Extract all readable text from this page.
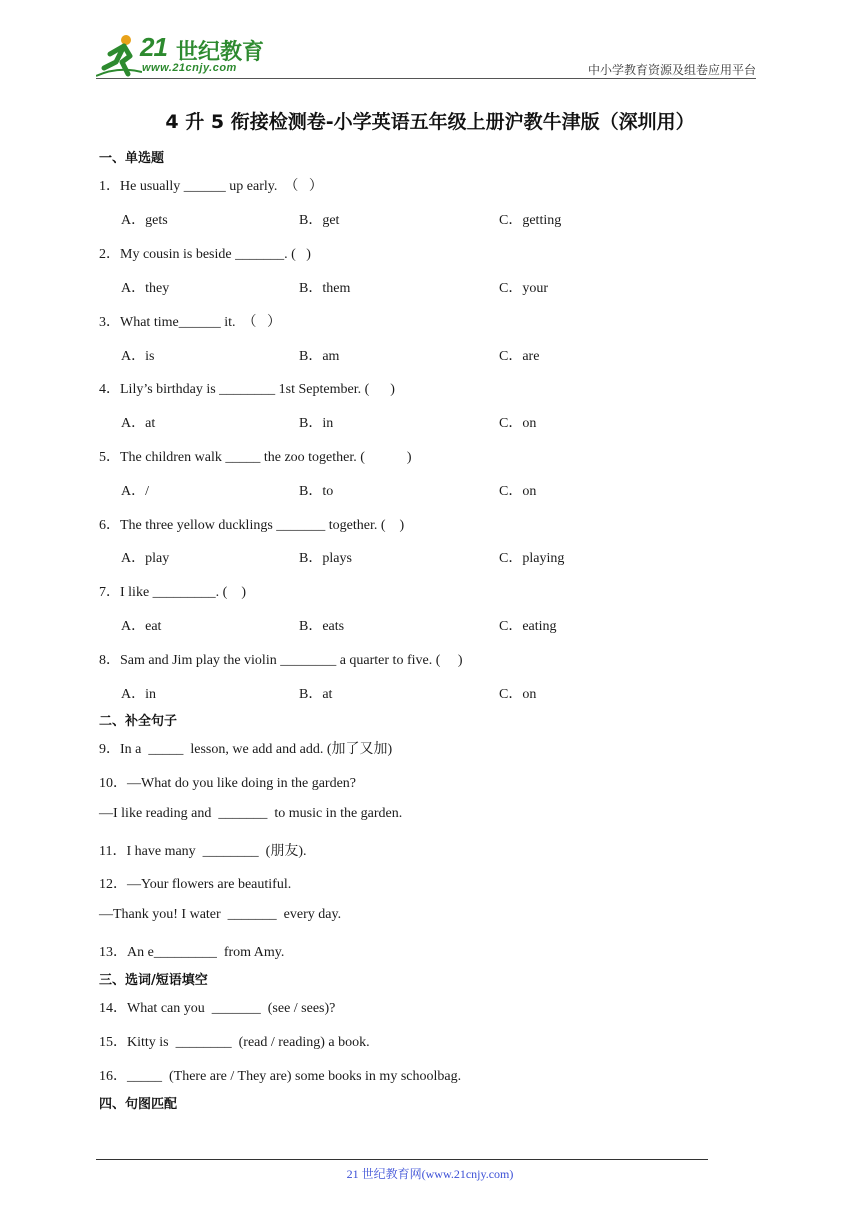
21 世纪教育
www.21cnjy.com	中小学教育资源及组卷应用平台
4 升 5 衔接检测卷-小学英语五年级上册沪教牛津版（深圳用）
一、单选题
1．He usually ______ up early.  （   ）
A．gets	B．get	C．getting
2．My cousin is beside _______. (   )
A．they	B．them	C．your
3．What time______ it.  （   ）
A．is	B．am	C．are
4．Lily’s birthday is ________ 1st September. (      )
A．at	B．in	C．on
5．The children walk _____ the zoo together. (            )
A．/	B．to	C．on
6．The three yellow ducklings _______ together. (    )
A．play	B．plays	C．playing
7．I like _________. (    )
A．eat	B．eats	C．eating
8．Sam and Jim play the violin ________ a quarter to five. (     )
A．in	B．at	C．on
二、补全句子
9．In a  _____  lesson, we add and add. (加了又加)
10．—What do you like doing in the garden?
—I like reading and  _______  to music in the garden.
11．I have many  ________  (朋友).
12．—Your flowers are beautiful.
—Thank you! I water  _______  every day.
13．An e_________  from Amy.
三、选词/短语填空
14．What can you  _______  (see / sees)?
15．Kitty is  ________  (read / reading) a book.
16．_____  (There are / They are) some books in my schoolbag.
四、句图匹配
21 世纪教育网(www.21cnjy.com)
